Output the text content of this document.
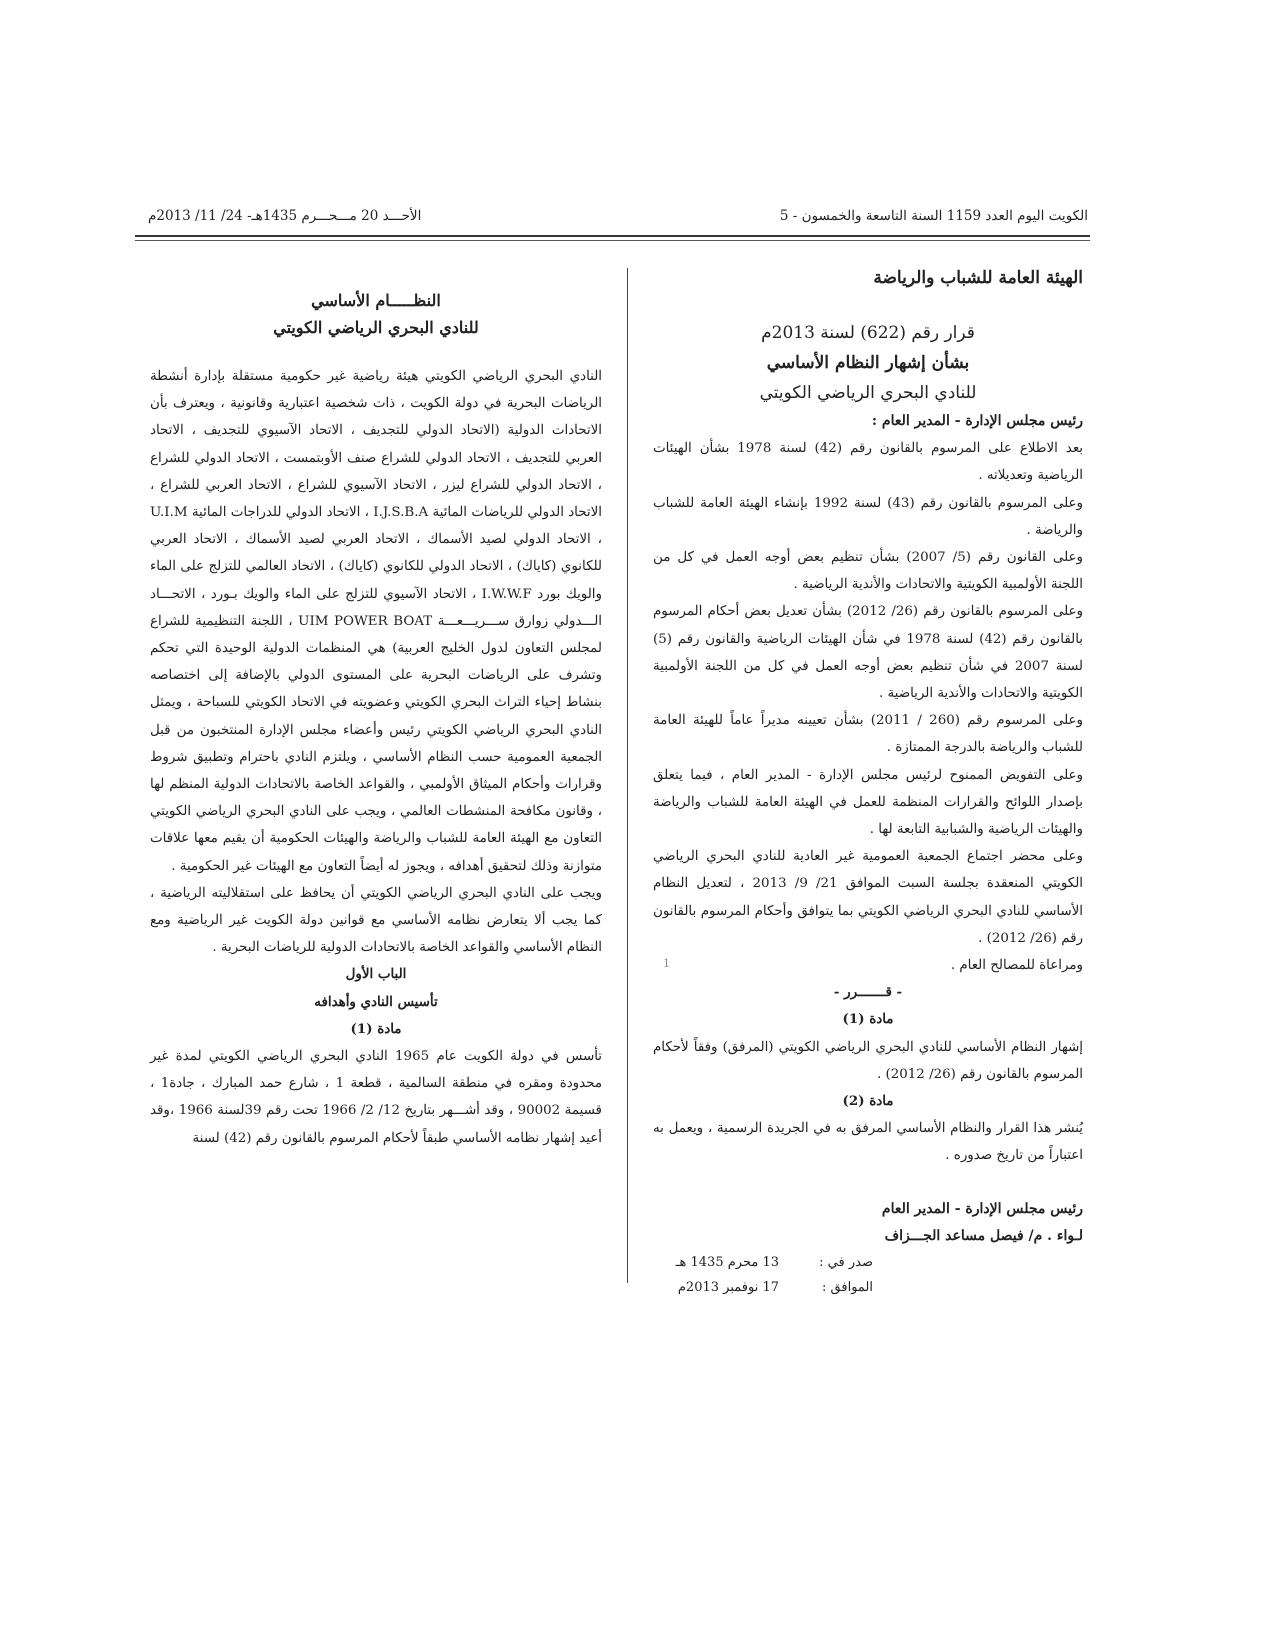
الكويت اليوم العدد 1159 السنة التاسعة والخمسون - 5
الأحـــد 20 مـــحـــرم 1435هـ- 24/ 11/ 2013م

الهيئة العامة للشباب والرياضة

قرار رقم (622) لسنة 2013م

بشأن إشهار النظام الأساسي

للنادي البحري الرياضي الكويتي

رئيس مجلس الإدارة - المدير العام :

بعد الاطلاع على المرسوم بالقانون رقم (42) لسنة 1978 بشأن الهيئات الرياضية وتعديلاته .

وعلى المرسوم بالقانون رقم (43) لسنة 1992 بإنشاء الهيئة العامة للشباب والرياضة .

وعلى القانون رقم (5/ 2007) بشأن تنظيم بعض أوجه العمل في كل من اللجنة الأولمبية الكويتية والاتحادات والأندية الرياضية .

وعلى المرسوم بالقانون رقم (26/ 2012) بشأن تعديل بعض أحكام المرسوم بالقانون رقم (42) لسنة 1978 في شأن الهيئات الرياضية والقانون رقم (5) لسنة 2007 في شأن تنظيم بعض أوجه العمل في كل من اللجنة الأولمبية الكويتية والاتحادات والأندية الرياضية .

وعلى المرسوم رقم (260 / 2011) بشأن تعيينه مديراً عاماً للهيئة العامة للشباب والرياضة بالدرجة الممتازة .

وعلى التفويض الممنوح لرئيس مجلس الإدارة - المدير العام ، فيما يتعلق بإصدار اللوائح والقرارات المنظمة للعمل في الهيئة العامة للشباب والرياضة والهيئات الرياضية والشبابية التابعة لها .

وعلى محضر اجتماع الجمعية العمومية غير العادية للنادي البحري الرياضي الكويتي المنعقدة بجلسة السبت الموافق 21/ 9/ 2013 ، لتعديل النظام الأساسي للنادي البحري الرياضي الكويتي بما يتوافق وأحكام المرسوم بالقانون رقم (26/ 2012) .

ومراعاة للمصالح العام .

- قـــــــرر -

مادة (1)

إشهار النظام الأساسي للنادي البحري الرياضي الكويتي (المرفق) وفقاً لأحكام المرسوم بالقانون رقم (26/ 2012) .

مادة (2)

يُنشر هذا القرار والنظام الأساسي المرفق به في الجريدة الرسمية ، ويعمل به اعتباراً من تاريخ صدوره .

رئيس مجلس الإدارة - المدير العام

لـواء . م/ فيصل مساعد الجـــزاف

صدر في :
13 محرم 1435 هـ
الموافق :
17 نوفمبر 2013م

النظـــــام الأساسي

للنادي البحري الرياضي الكويتي

النادي البحري الرياضي الكويتي هيئة رياضية غير حكومية مستقلة بإدارة أنشطة الرياضات البحرية في دولة الكويت ، ذات شخصية اعتبارية وقانونية ، ويعترف بأن الاتحادات الدولية (الاتحاد الدولي للتجديف ، الاتحاد الآسيوي للتجديف ، الاتحاد العربي للتجديف ، الاتحاد الدولي للشراع صنف الأوبتمست ، الاتحاد الدولي للشراع ، الاتحاد الدولي للشراع ليزر ، الاتحاد الآسيوي للشراع ، الاتحاد العربي للشراع ، الاتحاد الدولي للرياضات المائية I.J.S.B.A ، الاتحاد الدولي للدراجات المائية U.I.M ، الاتحاد الدولي لصيد الأسماك ، الاتحاد العربي لصيد الأسماك ، الاتحاد العربي للكانوي (كاياك) ، الاتحاد الدولي للكانوي (كاياك) ، الاتحاد العالمي للتزلج على الماء والويك بورد I.W.W.F ، الاتحاد الآسيوي للتزلج على الماء والويك بـورد ، الاتحـــاد الـــدولي زوارق ســـريـــعـــة UIM POWER BOAT ، اللجنة التنظيمية للشراع لمجلس التعاون لدول الخليج العربية) هي المنظمات الدولية الوحيدة التي تحكم وتشرف على الرياضات البحرية على المستوى الدولي بالإضافة إلى اختصاصه بنشاط إحياء التراث البحري الكويتي وعضويته في الاتحاد الكويتي للسباحة ، ويمثل النادي البحري الرياضي الكويتي رئيس وأعضاء مجلس الإدارة المنتخبون من قبل الجمعية العمومية حسب النظام الأساسي ، ويلتزم النادي باحترام وتطبيق شروط وقرارات وأحكام الميثاق الأولمبي ، والقواعد الخاصة بالاتحادات الدولية المنظم لها ، وقانون مكافحة المنشطات العالمي ، ويجب على النادي البحري الرياضي الكويتي التعاون مع الهيئة العامة للشباب والرياضة والهيئات الحكومية أن يقيم معها علاقات متوازنة وذلك لتحقيق أهدافه ، ويجوز له أيضاً التعاون مع الهيئات غير الحكومية .

ويجب على النادي البحري الرياضي الكويتي أن يحافظ على استقلاليته الرياضية ، كما يجب ألا يتعارض نظامه الأساسي مع قوانين دولة الكويت غير الرياضية ومع النظام الأساسي والقواعد الخاصة بالاتحادات الدولية للرياضات البحرية .

الباب الأول

تأسيس النادي وأهدافه

مادة (1)

تأسس في دولة الكويت عام 1965 النادي البحري الرياضي الكويتي لمدة غير محدودة ومقره في منطقة السالمية ، قطعة 1 ، شارع حمد المبارك ، جادة1 ، قسيمة 90002 ، وقد أشـــهر بتاريخ 12/ 2/ 1966 تحت رقم 39لسنة 1966 ،وقد أعيد إشهار نظامه الأساسي طبقاً لأحكام المرسوم بالقانون رقم (42) لسنة

1
